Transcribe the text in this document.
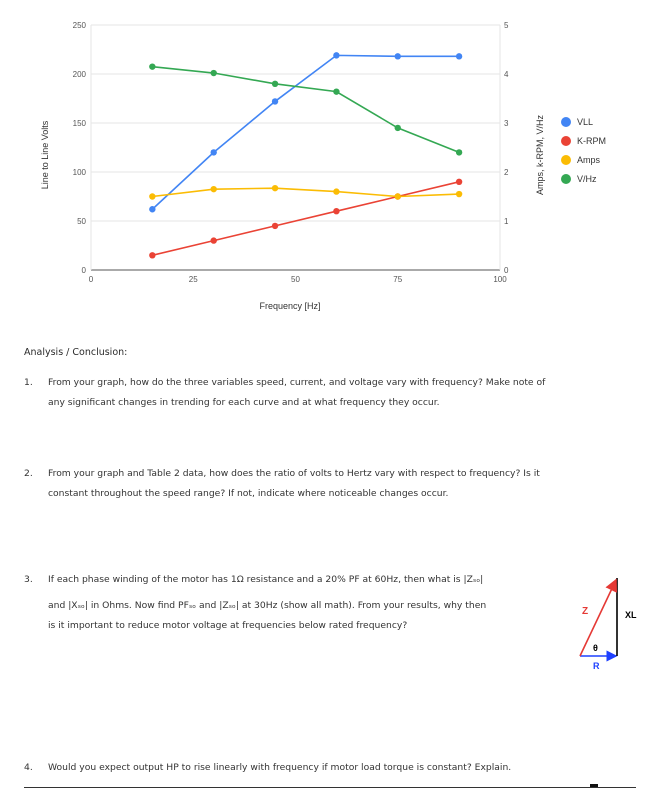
0
50
100
150
200
250
0
1
2
3
4
5
0	25	50	75	100
Frequency [Hz]
Line to Line Volts	Amps, k-RPM, V/Hz	VLL
K-RPM
Amps
V/Hz
Analysis / Conclusion:
1. From your graph, how do the three variables speed, current, and voltage vary with frequency? Make note of
any significant changes in trending for each curve and at what frequency they occur.
2. From your graph and Table 2 data, how does the ratio of volts to Hertz vary with respect to frequency? Is it
constant throughout the speed range? If not, indicate where noticeable changes occur.
3. If each phase winding of the motor has 1Ω resistance and a 20% PF at 60Hz, then what is |Zₛₒ|
and |Xₛₒ| in Ohms. Now find PFₛₒ and |Zₛₒ| at 30Hz (show all math). From your results, why then
is it important to reduce motor voltage at frequencies below rated frequency?
Z	XL
R
θ
4. Would you expect output HP to rise linearly with frequency if motor load torque is constant? Explain.
